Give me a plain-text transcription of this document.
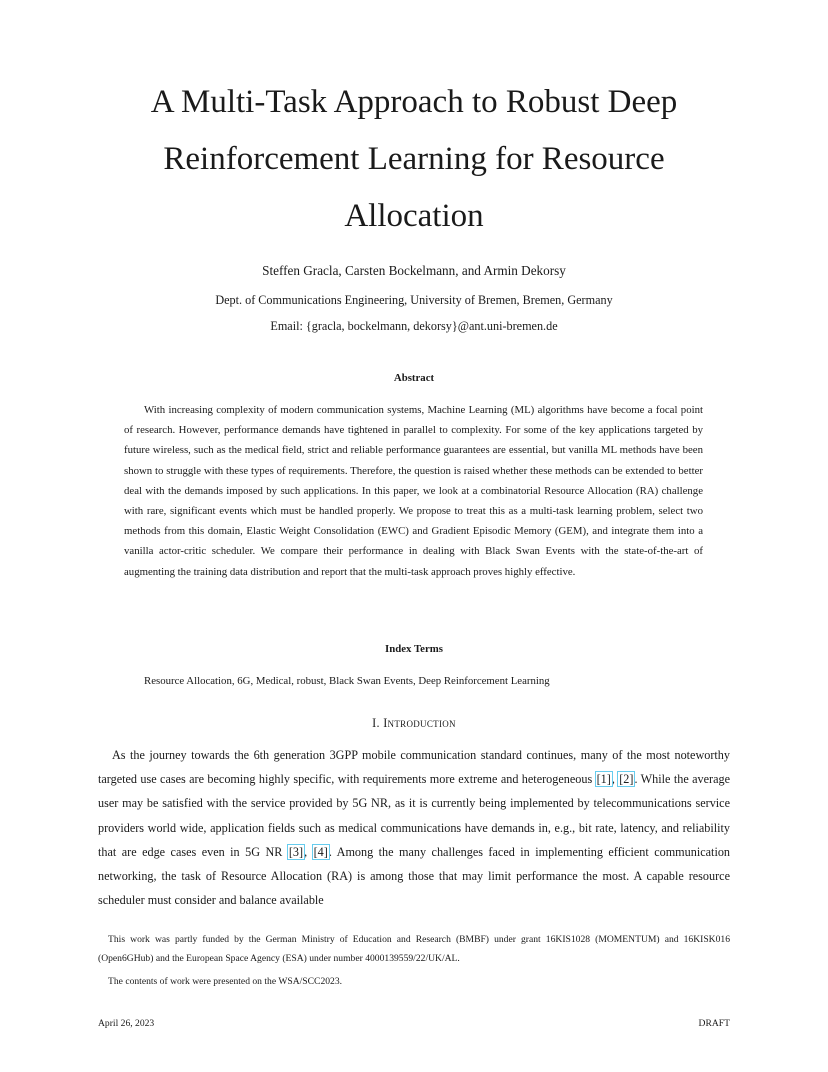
A Multi-Task Approach to Robust Deep Reinforcement Learning for Resource Allocation
Steffen Gracla, Carsten Bockelmann, and Armin Dekorsy
Dept. of Communications Engineering, University of Bremen, Bremen, Germany
Email: {gracla, bockelmann, dekorsy}@ant.uni-bremen.de
Abstract

With increasing complexity of modern communication systems, Machine Learning (ML) algorithms have become a focal point of research. However, performance demands have tightened in parallel to complexity. For some of the key applications targeted by future wireless, such as the medical field, strict and reliable performance guarantees are essential, but vanilla ML methods have been shown to struggle with these types of requirements. Therefore, the question is raised whether these methods can be extended to better deal with the demands imposed by such applications. In this paper, we look at a combinatorial Resource Allocation (RA) challenge with rare, significant events which must be handled properly. We propose to treat this as a multi-task learning problem, select two methods from this domain, Elastic Weight Consolidation (EWC) and Gradient Episodic Memory (GEM), and integrate them into a vanilla actor-critic scheduler. We compare their performance in dealing with Black Swan Events with the state-of-the-art of augmenting the training data distribution and report that the multi-task approach proves highly effective.

Index Terms
Resource Allocation, 6G, Medical, robust, Black Swan Events, Deep Reinforcement Learning
I. Introduction

As the journey towards the 6th generation 3GPP mobile communication standard continues, many of the most noteworthy targeted use cases are becoming highly specific, with requirements more extreme and heterogeneous [1], [2]. While the average user may be satisfied with the service provided by 5G NR, as it is currently being implemented by telecommunications service providers world wide, application fields such as medical communications have demands in, e.g., bit rate, latency, and reliability that are edge cases even in 5G NR [3], [4]. Among the many challenges faced in implementing efficient communication networking, the task of Resource Allocation (RA) is among those that may limit performance the most. A capable resource scheduler must consider and balance available

This work was partly funded by the German Ministry of Education and Research (BMBF) under grant 16KIS1028 (MOMENTUM) and 16KISK016 (Open6GHub) and the European Space Agency (ESA) under number 4000139559/22/UK/AL.

The contents of work were presented on the WSA/SCC2023.

April 26, 2023	DRAFT
